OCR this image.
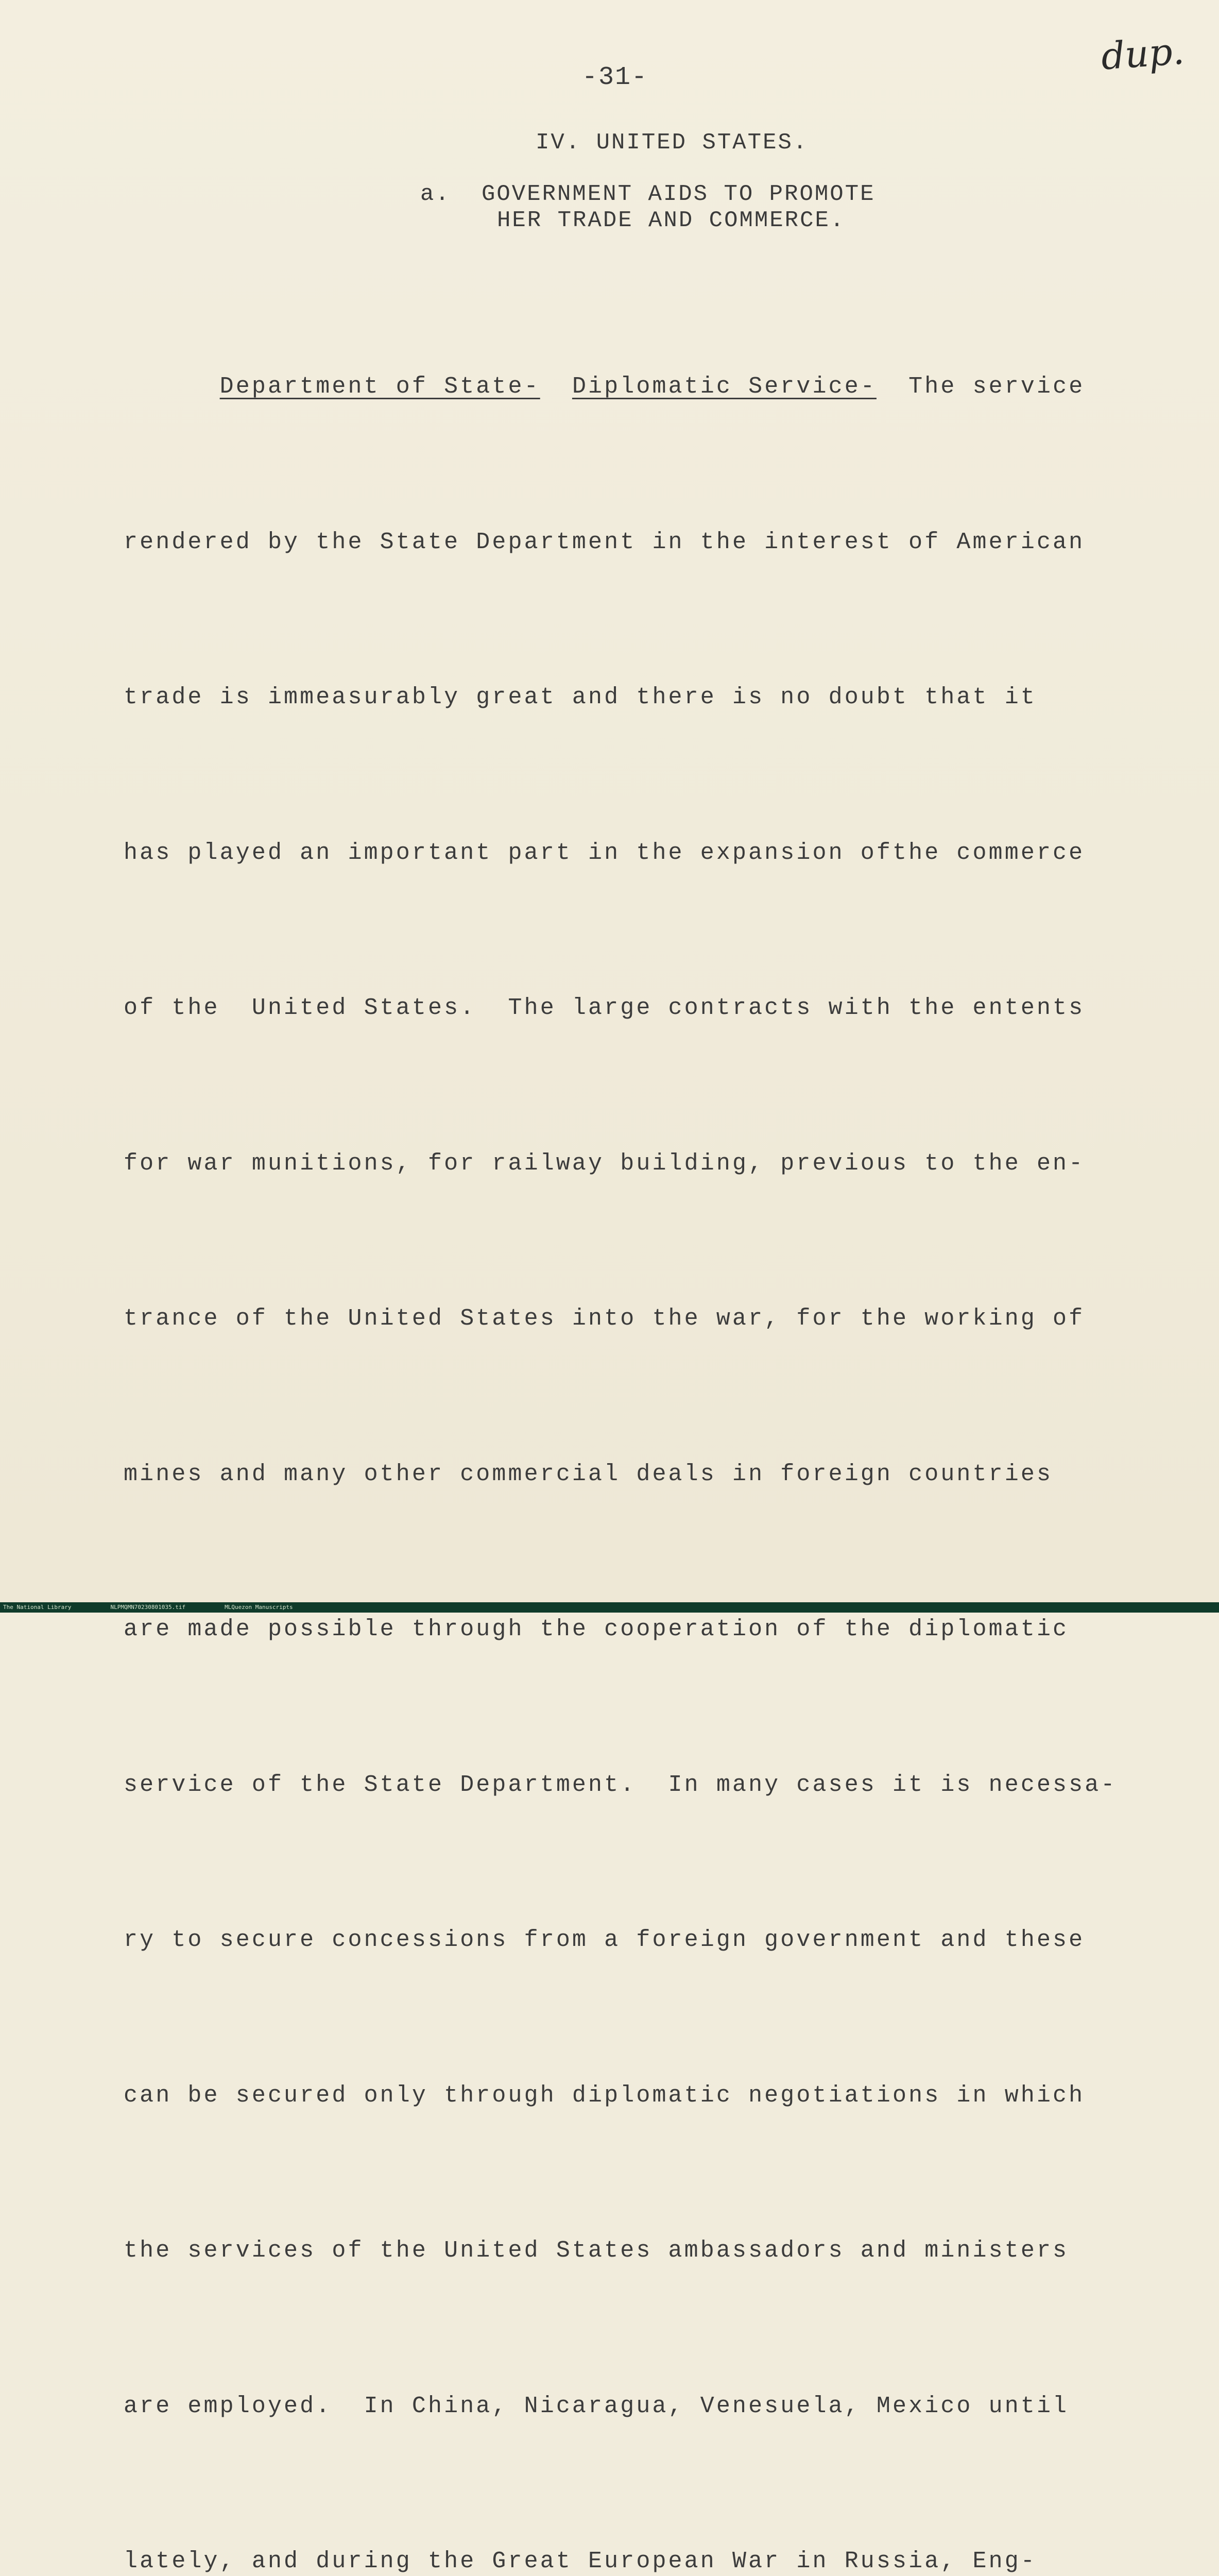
-31-	dup.
IV. UNITED STATES.
a. GOVERNMENT AIDS TO PROMOTE
HER TRADE AND COMMERCE.

Department of State- Diplomatic Service- The service

rendered by the State Department in the interest of American

trade is immeasurably great and there is no doubt that it

has played an important part in the expansion ofthe commerce

of the  United States.  The large contracts with the entents

for war munitions, for railway building, previous to the en-

trance of the United States into the war, for the working of

mines and many other commercial deals in foreign countries

are made possible through the cooperation of the diplomatic

service of the State Department.  In many cases it is necessa-

ry to secure concessions from a foreign government and these

can be secured only through diplomatic negotiations in which

the services of the United States ambassadors and ministers

are employed.  In China, Nicaragua, Venesuela, Mexico until

lately, and during the Great European War in Russia, Eng-

The National Library	NLPMQMN70230801035.tif	MLQuezon Manuscripts
